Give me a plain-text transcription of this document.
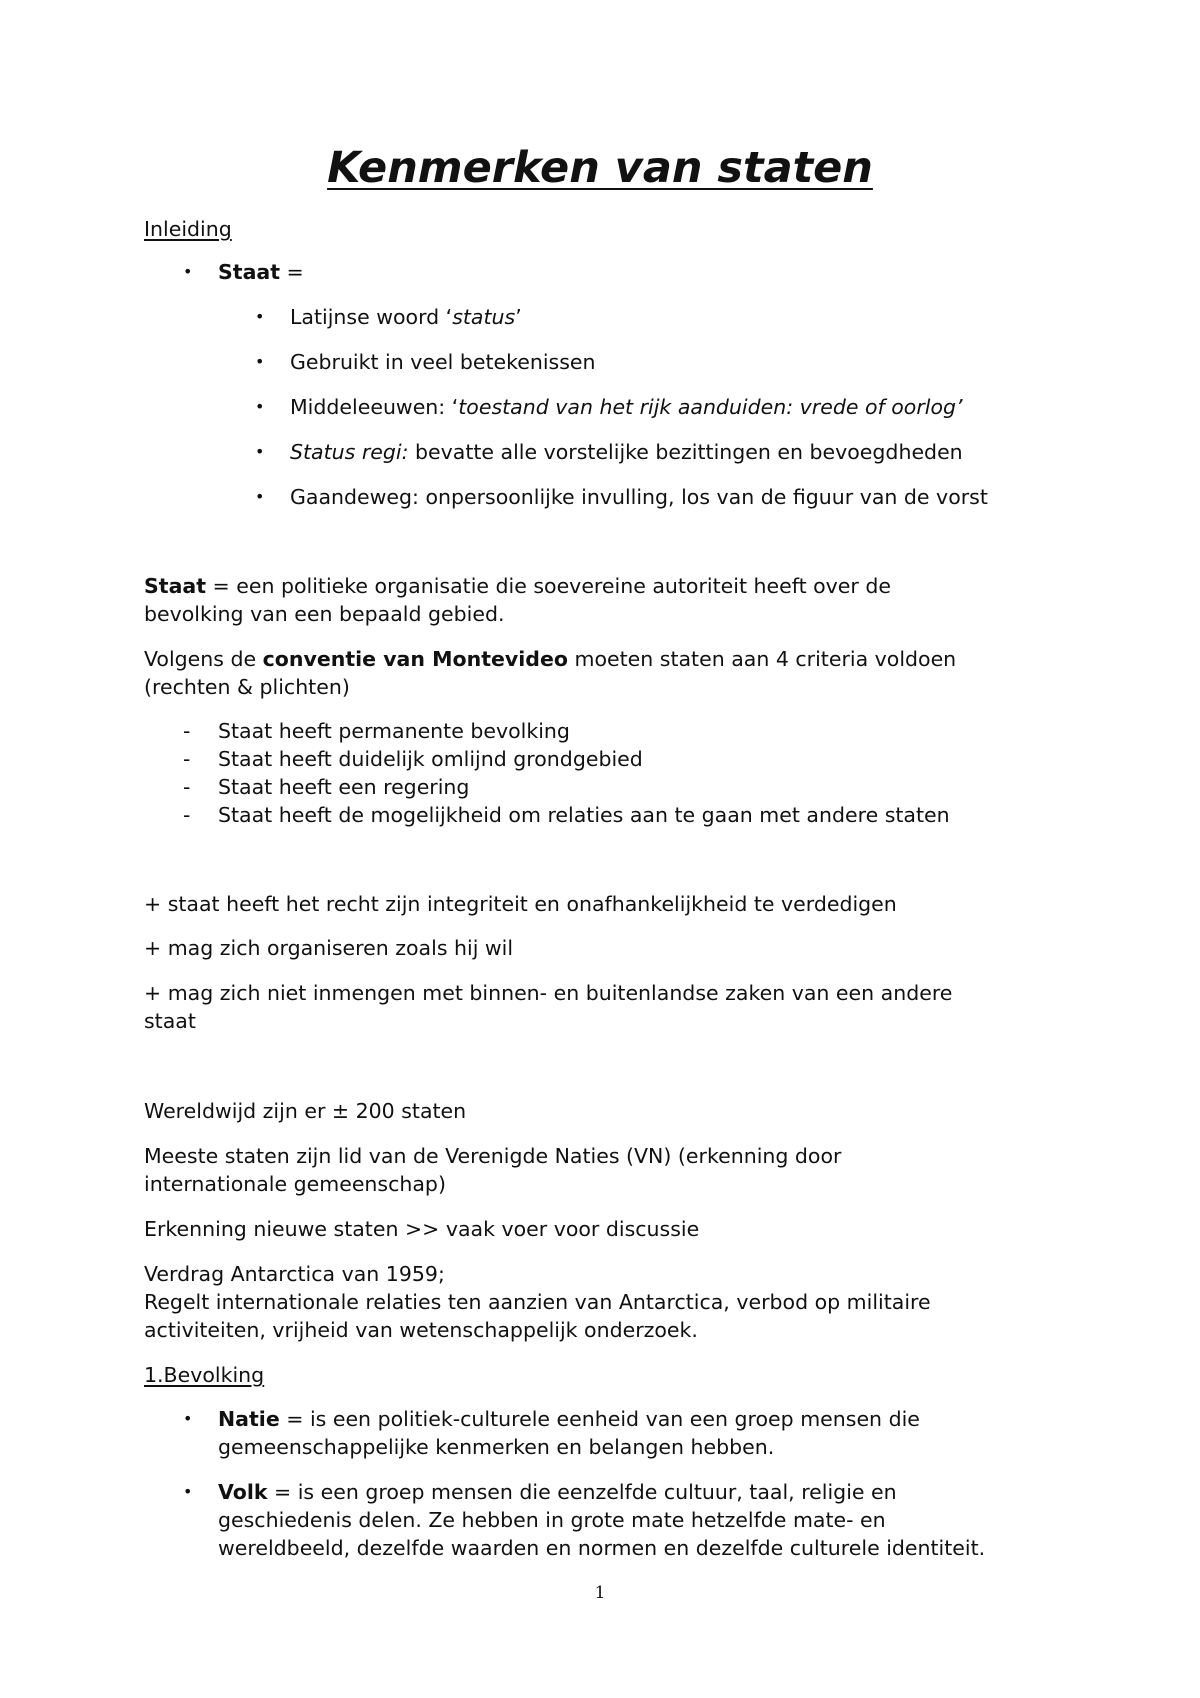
Kenmerken van staten

Inleiding

• Staat =

• Latijnse woord ‘status’

• Gebruikt in veel betekenissen

• Middeleeuwen: ‘toestand van het rijk aanduiden: vrede of oorlog’

• Status regi: bevatte alle vorstelijke bezittingen en bevoegdheden

• Gaandeweg: onpersoonlijke invulling, los van de figuur van de vorst

Staat = een politieke organisatie die soevereine autoriteit heeft over de

bevolking van een bepaald gebied.

Volgens de conventie van Montevideo moeten staten aan 4 criteria voldoen

(rechten & plichten)

- Staat heeft permanente bevolking

- Staat heeft duidelijk omlijnd grondgebied

- Staat heeft een regering

- Staat heeft de mogelijkheid om relaties aan te gaan met andere staten

+ staat heeft het recht zijn integriteit en onafhankelijkheid te verdedigen

+ mag zich organiseren zoals hij wil

+ mag zich niet inmengen met binnen- en buitenlandse zaken van een andere

staat

Wereldwijd zijn er ± 200 staten

Meeste staten zijn lid van de Verenigde Naties (VN) (erkenning door

internationale gemeenschap)

Erkenning nieuwe staten >> vaak voer voor discussie

Verdrag Antarctica van 1959;

Regelt internationale relaties ten aanzien van Antarctica, verbod op militaire

activiteiten, vrijheid van wetenschappelijk onderzoek.

1.Bevolking

• Natie = is een politiek-culturele eenheid van een groep mensen die

gemeenschappelijke kenmerken en belangen hebben.

• Volk = is een groep mensen die eenzelfde cultuur, taal, religie en

geschiedenis delen. Ze hebben in grote mate hetzelfde mate- en

wereldbeeld, dezelfde waarden en normen en dezelfde culturele identiteit.

1
